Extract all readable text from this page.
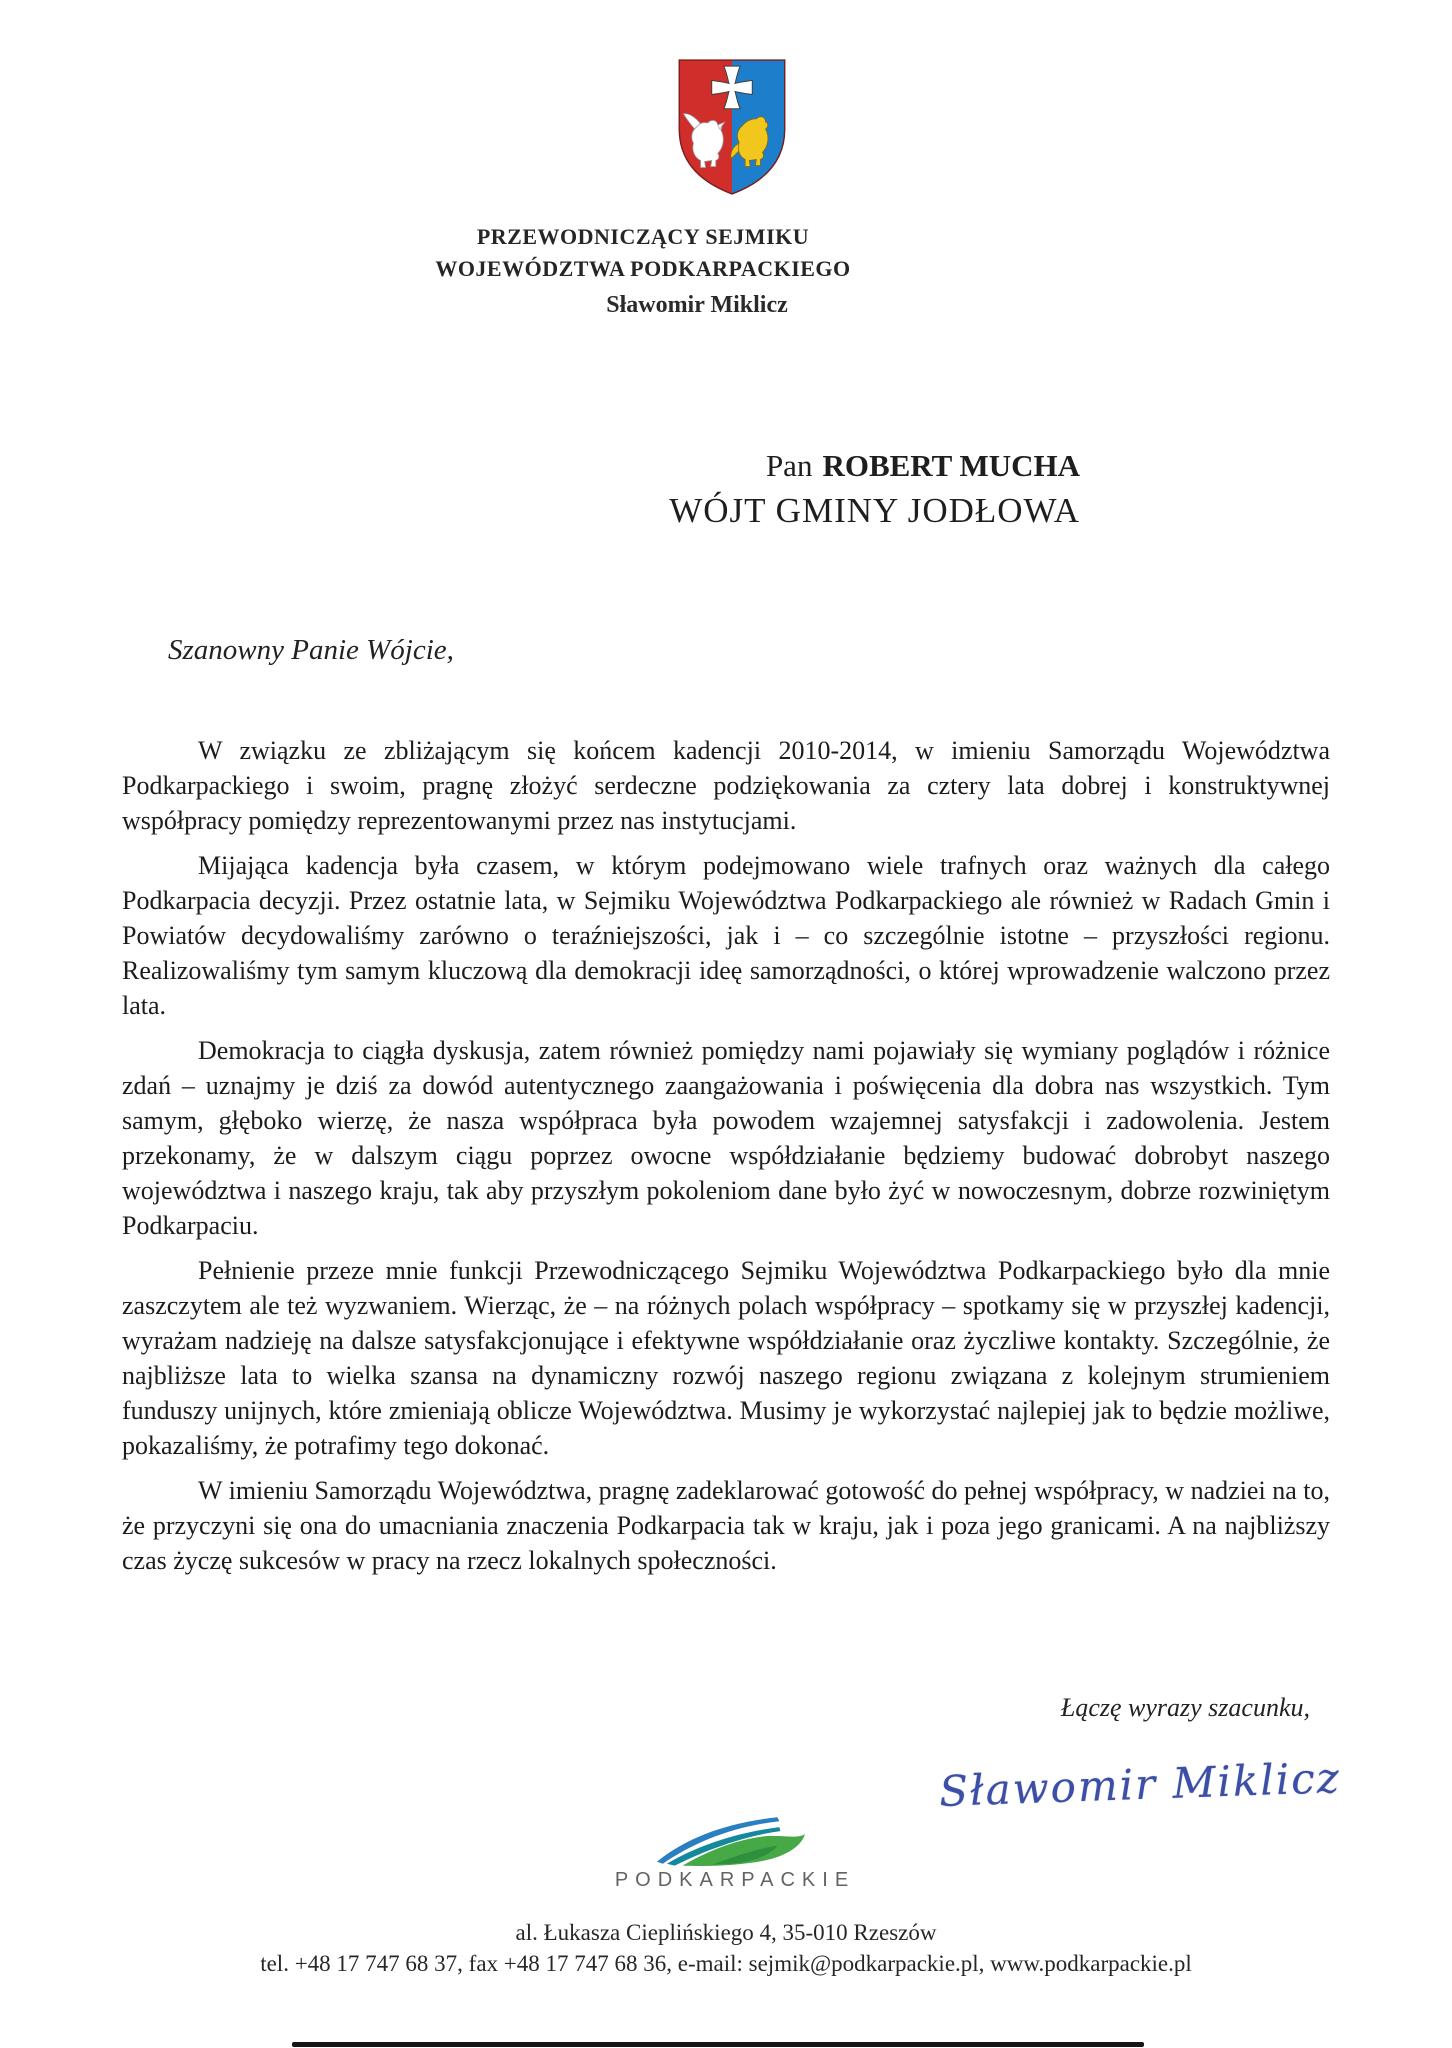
PRZEWODNICZĄCY SEJMIKU
WOJEWÓDZTWA PODKARPACKIEGO
Sławomir Miklicz
Pan ROBERT MUCHA
WÓJT GMINY JODŁOWA
Szanowny Panie Wójcie,

W związku ze zbliżającym się końcem kadencji 2010-2014, w imieniu Samorządu Województwa Podkarpackiego i swoim, pragnę złożyć serdeczne podziękowania za cztery lata dobrej i konstruktywnej współpracy pomiędzy reprezentowanymi przez nas instytucjami.

Mijająca kadencja była czasem, w którym podejmowano wiele trafnych oraz ważnych dla całego Podkarpacia decyzji. Przez ostatnie lata, w Sejmiku Województwa Podkarpackiego ale również w Radach Gmin i Powiatów decydowaliśmy zarówno o teraźniejszości, jak i – co szczególnie istotne – przyszłości regionu. Realizowaliśmy tym samym kluczową dla demokracji ideę samorządności, o której wprowadzenie walczono przez lata.

Demokracja to ciągła dyskusja, zatem również pomiędzy nami pojawiały się wymiany poglądów i różnice zdań – uznajmy je dziś za dowód autentycznego zaangażowania i poświęcenia dla dobra nas wszystkich. Tym samym, głęboko wierzę, że nasza współpraca była powodem wzajemnej satysfakcji i zadowolenia. Jestem przekonamy, że w dalszym ciągu poprzez owocne współdziałanie będziemy budować dobrobyt naszego województwa i naszego kraju, tak aby przyszłym pokoleniom dane było żyć w nowoczesnym, dobrze rozwiniętym Podkarpaciu.

Pełnienie przeze mnie funkcji Przewodniczącego Sejmiku Województwa Podkarpackiego było dla mnie zaszczytem ale też wyzwaniem. Wierząc, że – na różnych polach współpracy – spotkamy się w przyszłej kadencji, wyrażam nadzieję na dalsze satysfakcjonujące i efektywne współdziałanie oraz życzliwe kontakty. Szczególnie, że najbliższe lata to wielka szansa na dynamiczny rozwój naszego regionu związana z kolejnym strumieniem funduszy unijnych, które zmieniają oblicze Województwa. Musimy je wykorzystać najlepiej jak to będzie możliwe, pokazaliśmy, że potrafimy tego dokonać.

W imieniu Samorządu Województwa, pragnę zadeklarować gotowość do pełnej współpracy, w nadziei na to, że przyczyni się ona do umacniania znaczenia Podkarpacia tak w kraju, jak i poza jego granicami. A na najbliższy czas życzę sukcesów w pracy na rzecz lokalnych społeczności.

Łączę wyrazy szacunku,
Sławomir Miklicz
PODKARPACKIE
al. Łukasza Cieplińskiego 4, 35-010 Rzeszów
tel. +48 17 747 68 37, fax +48 17 747 68 36, e-mail: sejmik@podkarpackie.pl, www.podkarpackie.pl
